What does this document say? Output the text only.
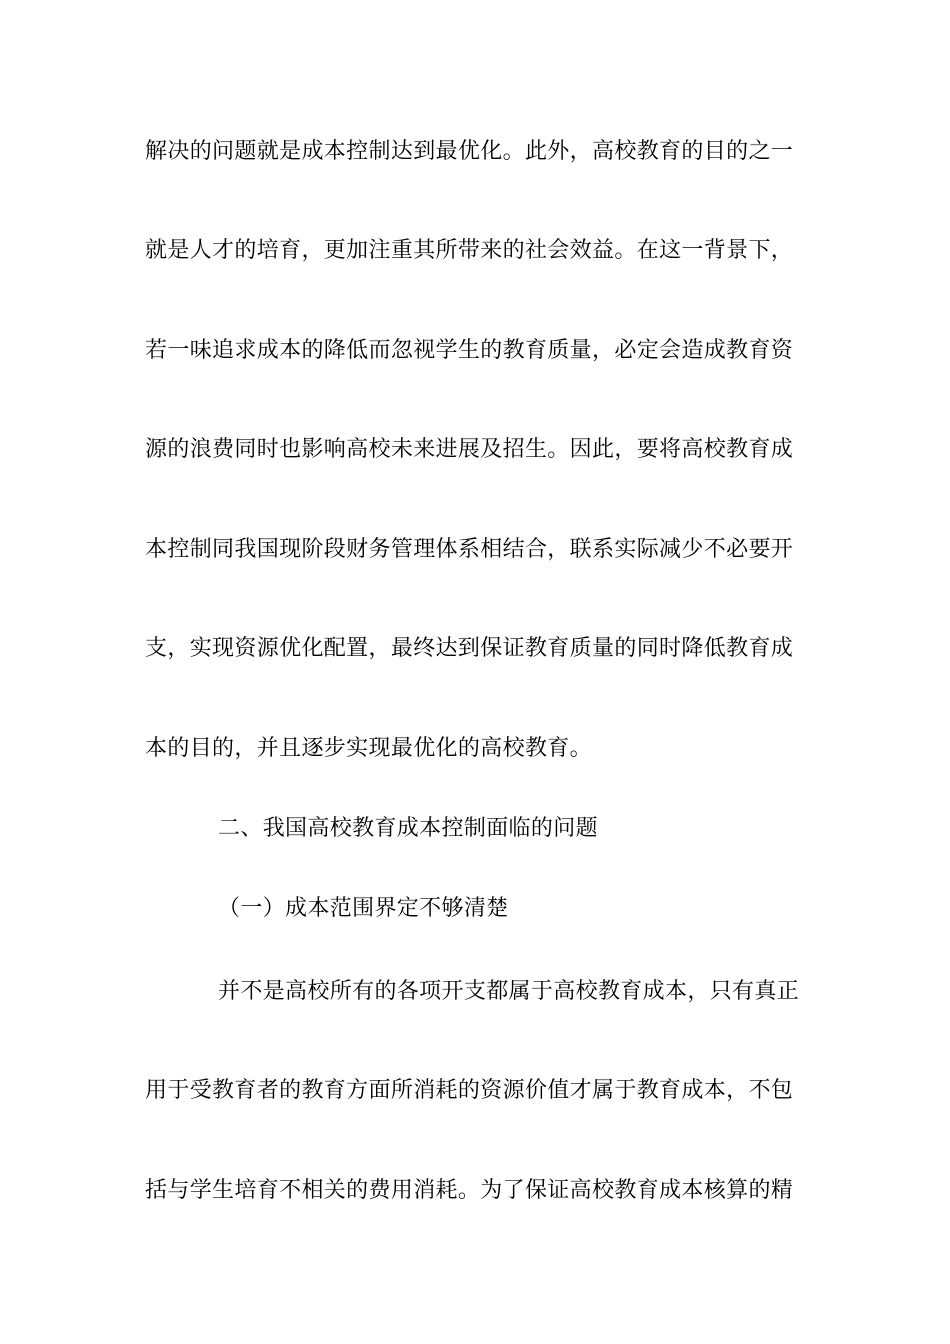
解决的问题就是成本控制达到最优化。此外，高校教育的目的之一
就是人才的培育，更加注重其所带来的社会效益。在这一背景下，
若一味追求成本的降低而忽视学生的教育质量，必定会造成教育资
源的浪费同时也影响高校未来进展及招生。因此，要将高校教育成
本控制同我国现阶段财务管理体系相结合，联系实际减少不必要开
支，实现资源优化配置，最终达到保证教育质量的同时降低教育成
本的目的，并且逐步实现最优化的高校教育。
二、我国高校教育成本控制面临的问题
（一）成本范围界定不够清楚
并不是高校所有的各项开支都属于高校教育成本，只有真正
用于受教育者的教育方面所消耗的资源价值才属于教育成本，不包
括与学生培育不相关的费用消耗。为了保证高校教育成本核算的精
